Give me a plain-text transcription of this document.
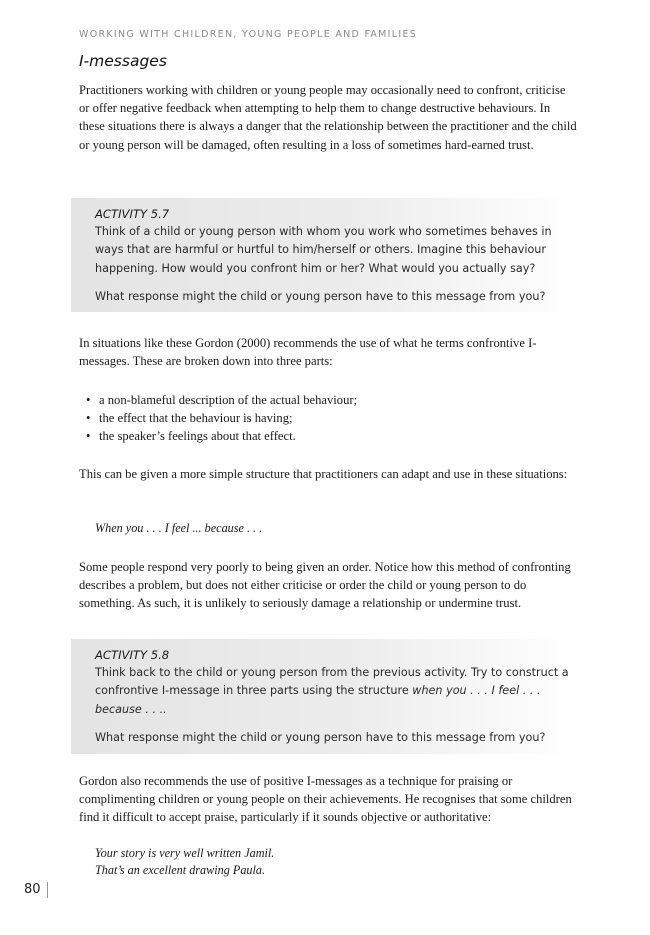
WORKING WITH CHILDREN, YOUNG PEOPLE AND FAMILIES
I-messages

Practitioners working with children or young people may occasionally need to confront, criticise or offer negative feedback when attempting to help them to change destructive behaviours. In these situations there is always a danger that the relationship between the practitioner and the child or young person will be damaged, often resulting in a loss of sometimes hard-earned trust.

ACTIVITY 5.7

Think of a child or young person with whom you work who sometimes behaves in ways that are harmful or hurtful to him/herself or others. Imagine this behaviour happening. How would you confront him or her? What would you actually say?

What response might the child or young person have to this message from you?

In situations like these Gordon (2000) recommends the use of what he terms confrontive I-messages. These are broken down into three parts:

• a non-blameful description of the actual behaviour;
• the effect that the behaviour is having;
• the speaker’s feelings about that effect.

This can be given a more simple structure that practitioners can adapt and use in these situations:

When you . . . I feel ... because . . .

Some people respond very poorly to being given an order. Notice how this method of confronting describes a problem, but does not either criticise or order the child or young person to do something. As such, it is unlikely to seriously damage a relationship or undermine trust.

ACTIVITY 5.8

Think back to the child or young person from the previous activity. Try to construct a confrontive I-message in three parts using the structure when you . . . I feel . . . because . . ..

What response might the child or young person have to this message from you?

Gordon also recommends the use of positive I-messages as a technique for praising or complimenting children or young people on their achievements. He recognises that some children find it difficult to accept praise, particularly if it sounds objective or authoritative:

Your story is very well written Jamil.

That’s an excellent drawing Paula.

80
